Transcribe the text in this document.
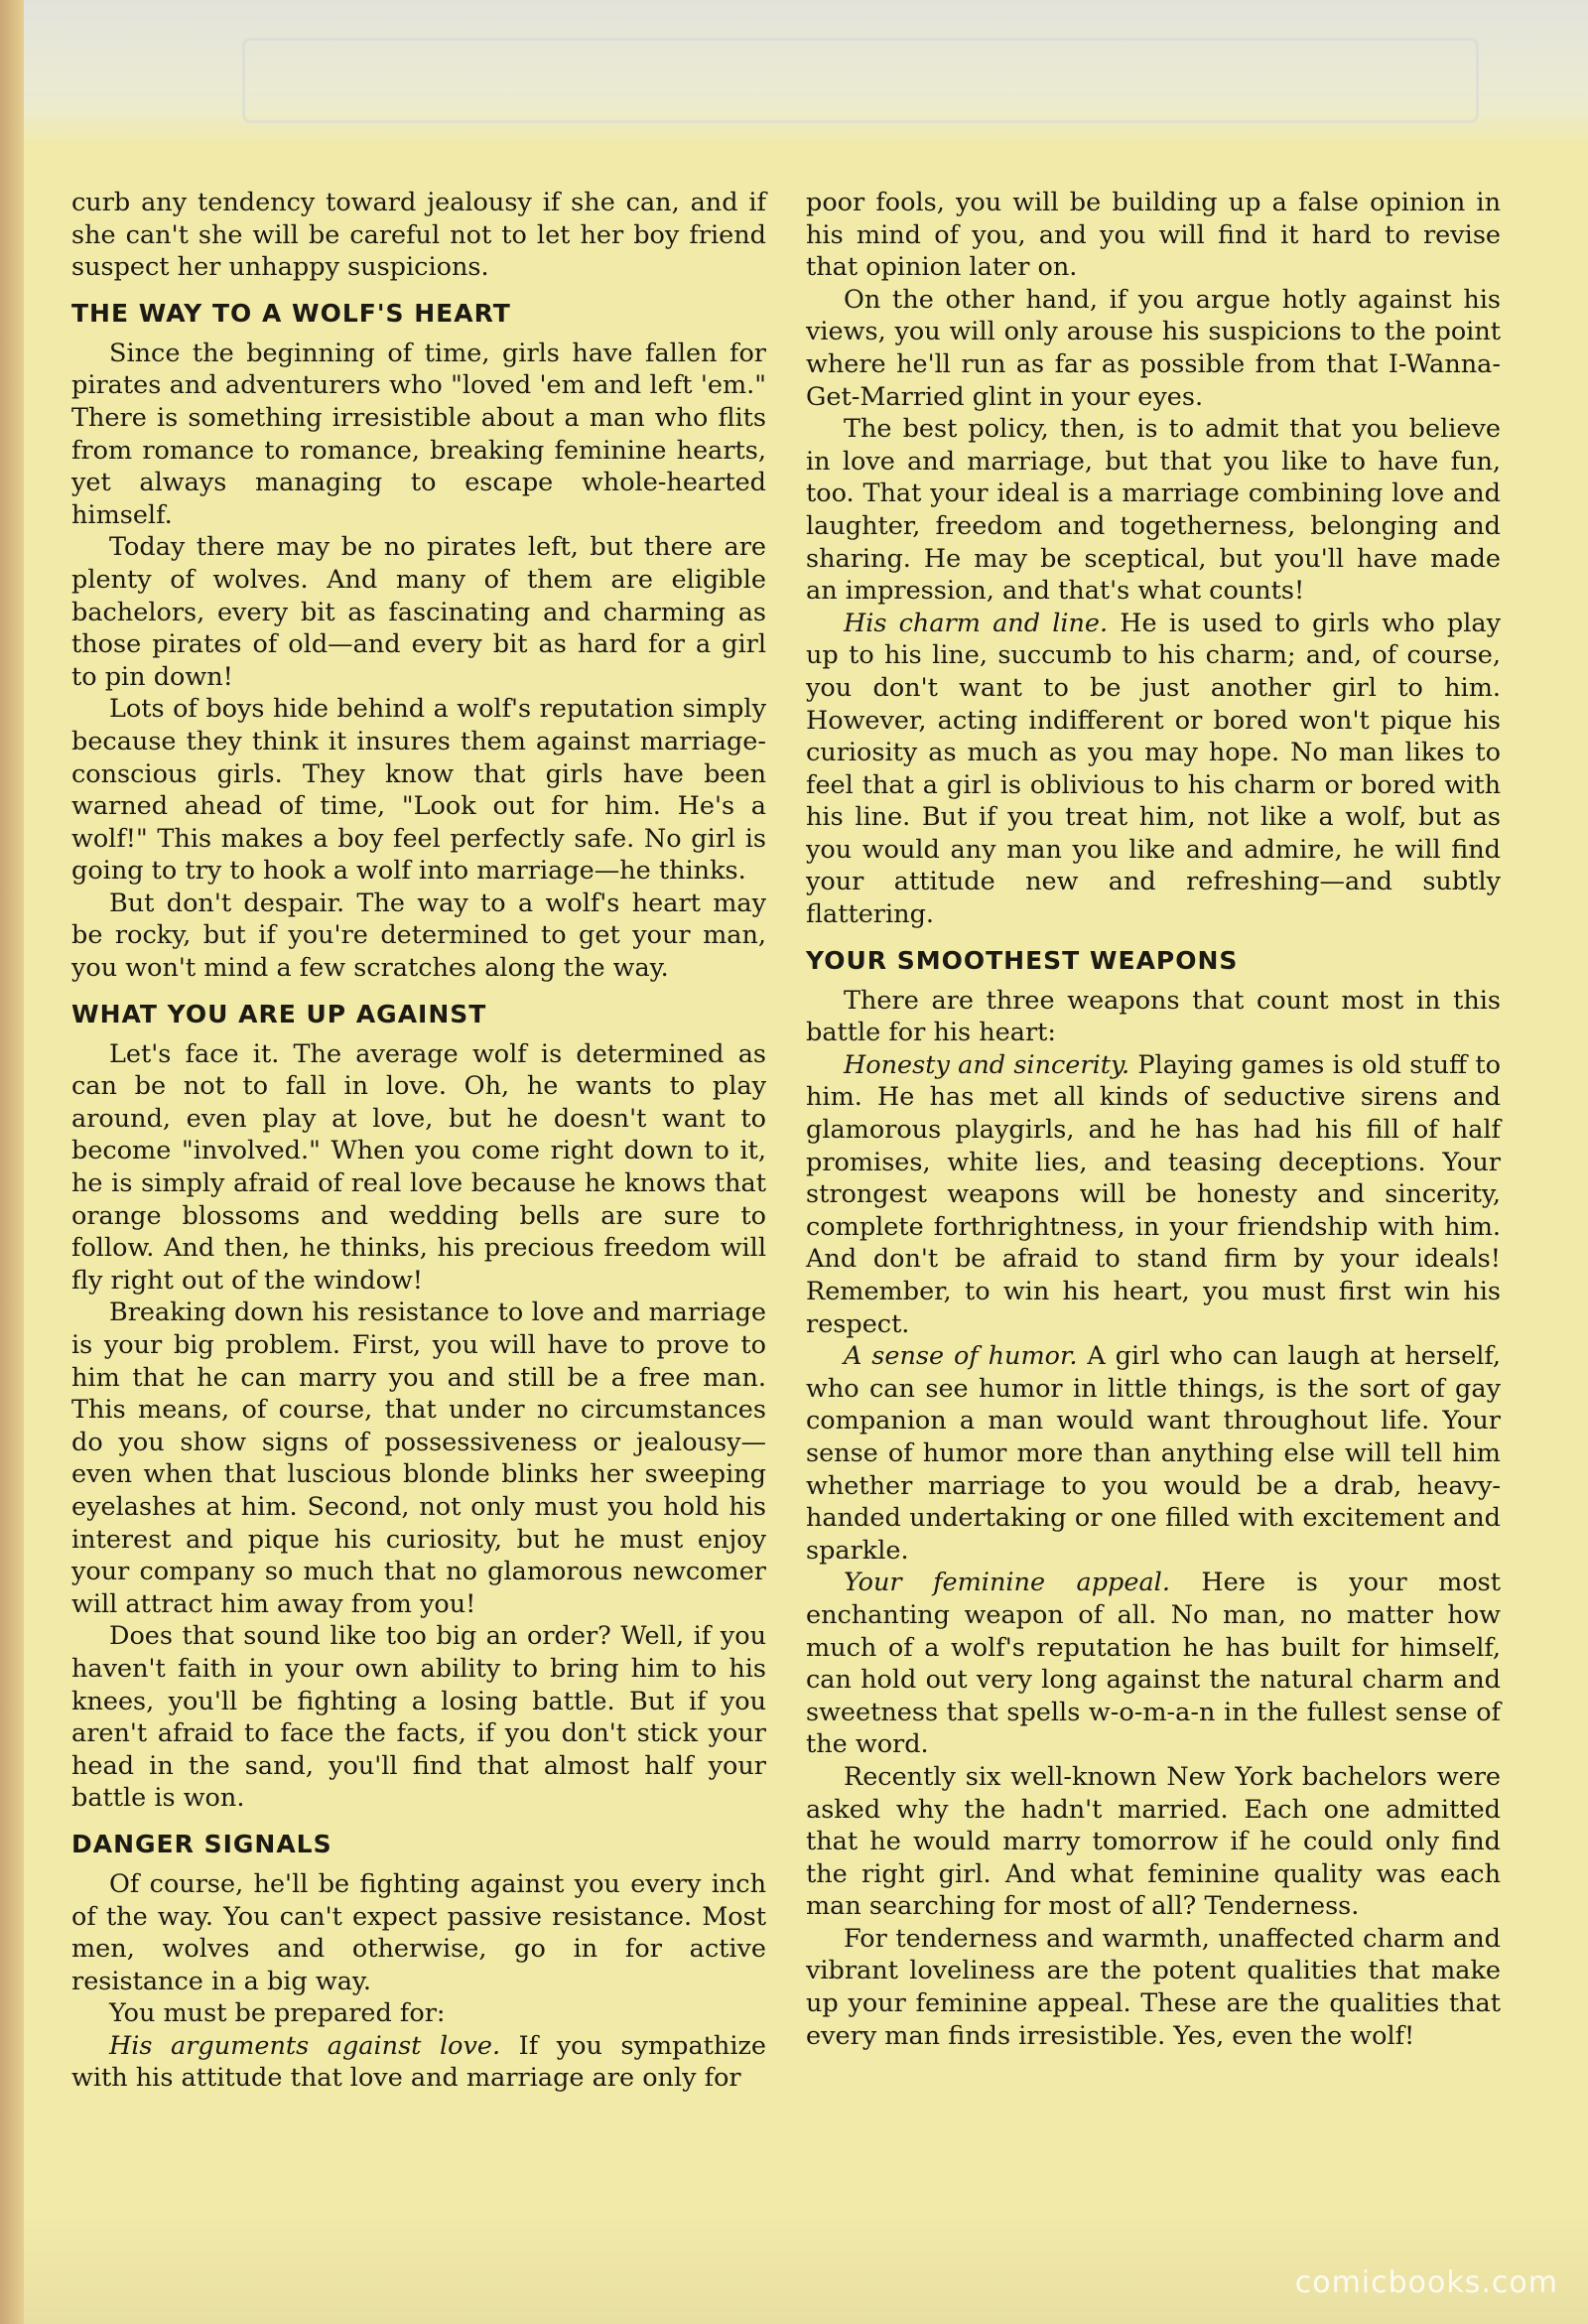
curb any tendency toward jealousy if she can, and if she can't she will be careful not to let her boy friend suspect her unhappy suspicions.

THE WAY TO A WOLF'S HEART

Since the beginning of time, girls have fallen for pirates and adventurers who "loved 'em and left 'em." There is something irresistible about a man who flits from romance to romance, breaking feminine hearts, yet always managing to escape whole-hearted himself.

Today there may be no pirates left, but there are plenty of wolves. And many of them are eligible bachelors, every bit as fascinating and charming as those pirates of old—and every bit as hard for a girl to pin down!

Lots of boys hide behind a wolf's reputation simply because they think it insures them against marriage-conscious girls. They know that girls have been warned ahead of time, "Look out for him. He's a wolf!" This makes a boy feel perfectly safe. No girl is going to try to hook a wolf into marriage—he thinks.

But don't despair. The way to a wolf's heart may be rocky, but if you're determined to get your man, you won't mind a few scratches along the way.

WHAT YOU ARE UP AGAINST

Let's face it. The average wolf is determined as can be not to fall in love. Oh, he wants to play around, even play at love, but he doesn't want to become "involved." When you come right down to it, he is simply afraid of real love because he knows that orange blossoms and wedding bells are sure to follow. And then, he thinks, his precious freedom will fly right out of the window!

Breaking down his resistance to love and marriage is your big problem. First, you will have to prove to him that he can marry you and still be a free man. This means, of course, that under no circumstances do you show signs of possessiveness or jealousy—even when that luscious blonde blinks her sweeping eyelashes at him. Second, not only must you hold his interest and pique his curiosity, but he must enjoy your company so much that no glamorous newcomer will attract him away from you!

Does that sound like too big an order? Well, if you haven't faith in your own ability to bring him to his knees, you'll be fighting a losing battle. But if you aren't afraid to face the facts, if you don't stick your head in the sand, you'll find that almost half your battle is won.

DANGER SIGNALS

Of course, he'll be fighting against you every inch of the way. You can't expect passive resistance. Most men, wolves and otherwise, go in for active resistance in a big way.

You must be prepared for:

His arguments against love. If you sympathize with his attitude that love and marriage are only for

poor fools, you will be building up a false opinion in his mind of you, and you will find it hard to revise that opinion later on.

On the other hand, if you argue hotly against his views, you will only arouse his suspicions to the point where he'll run as far as possible from that I-Wanna-Get-Married glint in your eyes.

The best policy, then, is to admit that you believe in love and marriage, but that you like to have fun, too. That your ideal is a marriage combining love and laughter, freedom and togetherness, belonging and sharing. He may be sceptical, but you'll have made an impression, and that's what counts!

His charm and line. He is used to girls who play up to his line, succumb to his charm; and, of course, you don't want to be just another girl to him. However, acting indifferent or bored won't pique his curiosity as much as you may hope. No man likes to feel that a girl is oblivious to his charm or bored with his line. But if you treat him, not like a wolf, but as you would any man you like and admire, he will find your attitude new and refreshing—and subtly flattering.

YOUR SMOOTHEST WEAPONS

There are three weapons that count most in this battle for his heart:

Honesty and sincerity. Playing games is old stuff to him. He has met all kinds of seductive sirens and glamorous playgirls, and he has had his fill of half promises, white lies, and teasing deceptions. Your strongest weapons will be honesty and sincerity, complete forthrightness, in your friendship with him. And don't be afraid to stand firm by your ideals! Remember, to win his heart, you must first win his respect.

A sense of humor. A girl who can laugh at herself, who can see humor in little things, is the sort of gay companion a man would want throughout life. Your sense of humor more than anything else will tell him whether marriage to you would be a drab, heavy-handed undertaking or one filled with excitement and sparkle.

Your feminine appeal. Here is your most enchanting weapon of all. No man, no matter how much of a wolf's reputation he has built for himself, can hold out very long against the natural charm and sweetness that spells w-o-m-a-n in the fullest sense of the word.

Recently six well-known New York bachelors were asked why the hadn't married. Each one admitted that he would marry tomorrow if he could only find the right girl. And what feminine quality was each man searching for most of all? Tenderness.

For tenderness and warmth, unaffected charm and vibrant loveliness are the potent qualities that make up your feminine appeal. These are the qualities that every man finds irresistible. Yes, even the wolf!

comicbooks.com
